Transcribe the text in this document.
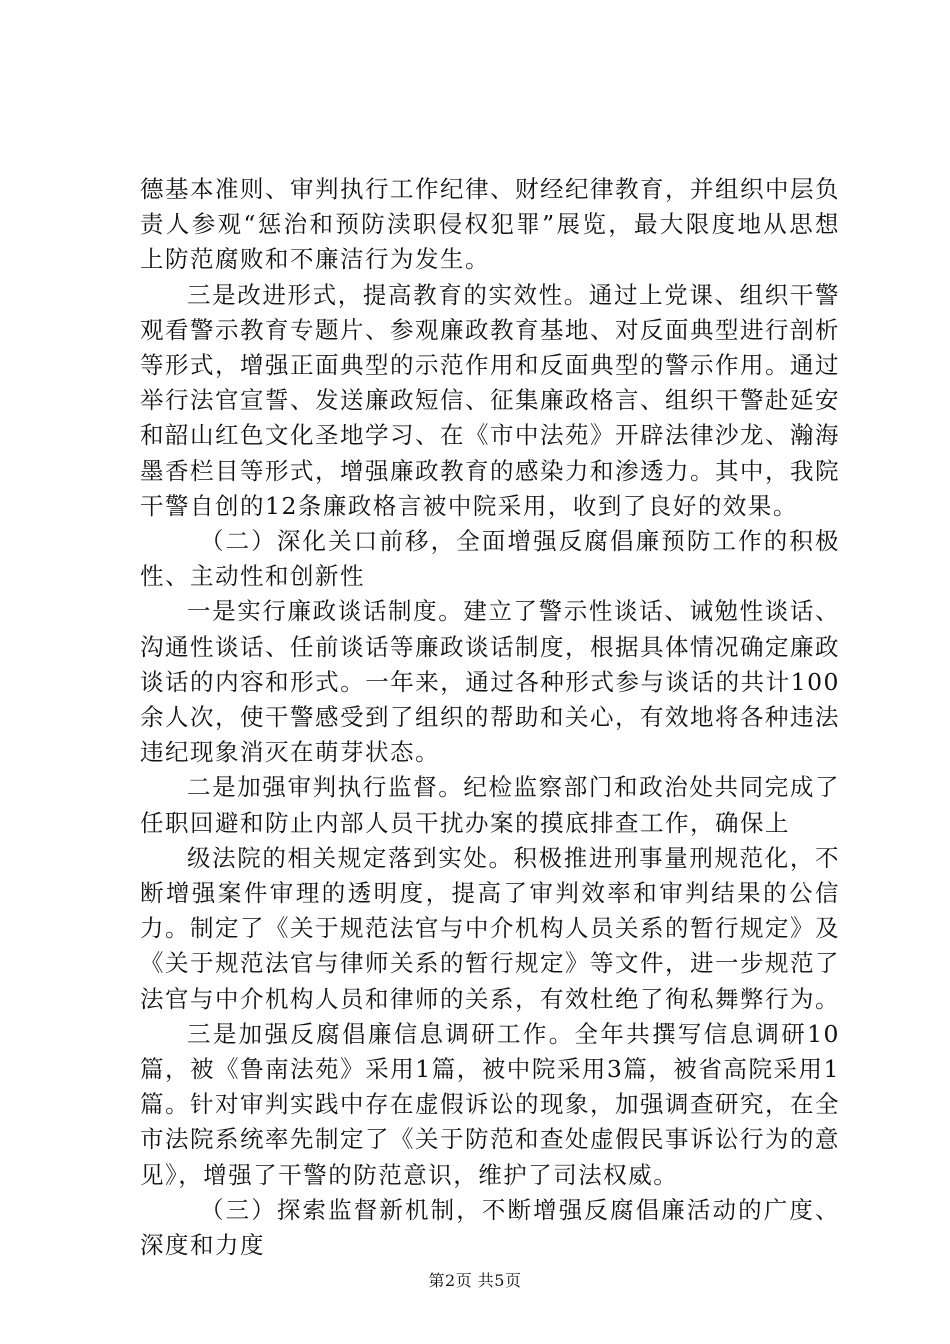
德基本准则、审判执行工作纪律、财经纪律教育，并组织中层负责人参观“惩治和预防渎职侵权犯罪”展览，最大限度地从思想上防范腐败和不廉洁行为发生。

三是改进形式，提高教育的实效性。通过上党课、组织干警观看警示教育专题片、参观廉政教育基地、对反面典型进行剖析等形式，增强正面典型的示范作用和反面典型的警示作用。通过举行法官宣誓、发送廉政短信、征集廉政格言、组织干警赴延安和韶山红色文化圣地学习、在《市中法苑》开辟法律沙龙、瀚海墨香栏目等形式，增强廉政教育的感染力和渗透力。其中，我院干警自创的12条廉政格言被中院采用，收到了良好的效果。

（二）深化关口前移，全面增强反腐倡廉预防工作的积极性、主动性和创新性

一是实行廉政谈话制度。建立了警示性谈话、诫勉性谈话、沟通性谈话、任前谈话等廉政谈话制度，根据具体情况确定廉政谈话的内容和形式。一年来，通过各种形式参与谈话的共计100余人次，使干警感受到了组织的帮助和关心，有效地将各种违法违纪现象消灭在萌芽状态。

二是加强审判执行监督。纪检监察部门和政治处共同完成了任职回避和防止内部人员干扰办案的摸底排查工作，确保上

级法院的相关规定落到实处。积极推进刑事量刑规范化，不断增强案件审理的透明度，提高了审判效率和审判结果的公信力。制定了《关于规范法官与中介机构人员关系的暂行规定》及《关于规范法官与律师关系的暂行规定》等文件，进一步规范了法官与中介机构人员和律师的关系，有效杜绝了徇私舞弊行为。

三是加强反腐倡廉信息调研工作。全年共撰写信息调研10篇，被《鲁南法苑》采用1篇，被中院采用3篇，被省高院采用1篇。针对审判实践中存在虚假诉讼的现象，加强调查研究，在全市法院系统率先制定了《关于防范和查处虚假民事诉讼行为的意见》，增强了干警的防范意识，维护了司法权威。

（三）探索监督新机制，不断增强反腐倡廉活动的广度、深度和力度

第2页 共5页
